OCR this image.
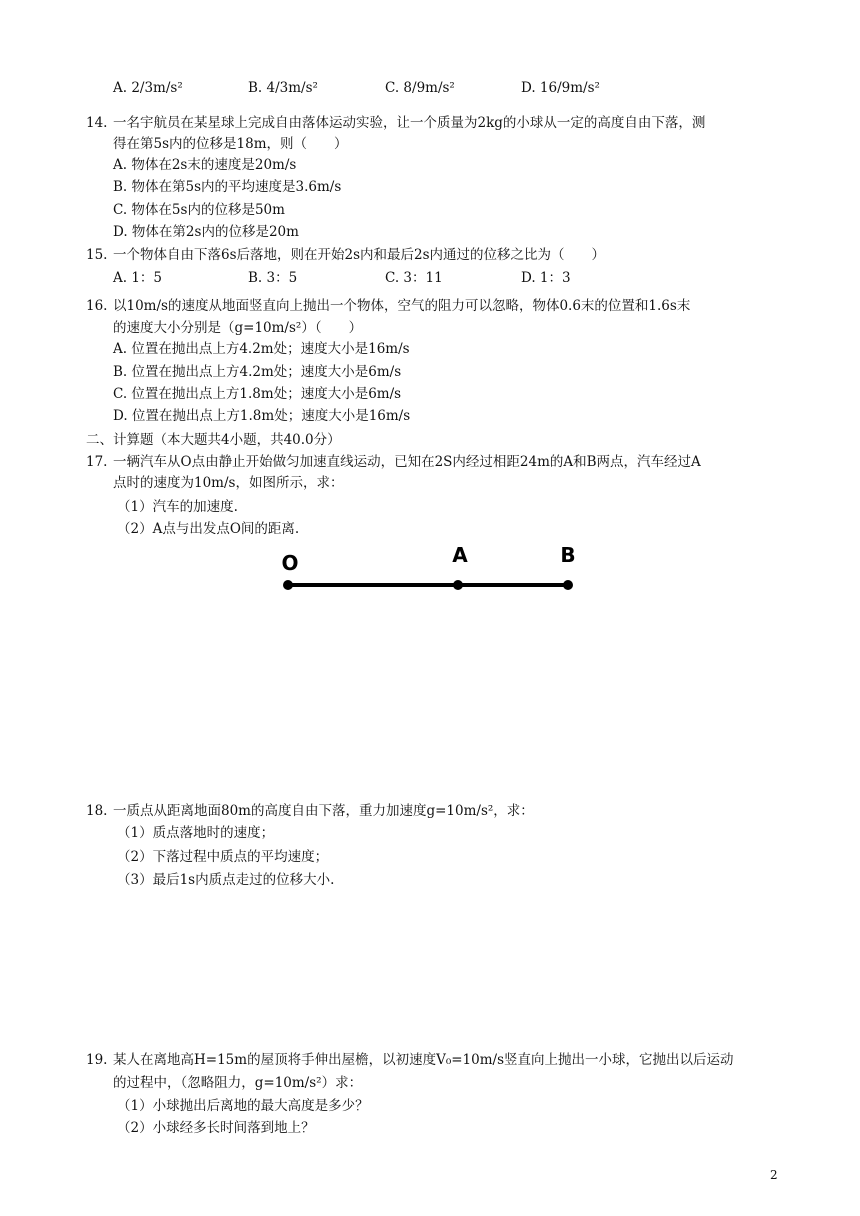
A. 2/3m/s²	B. 4/3m/s²	C. 8/9m/s²	D. 16/9m/s²
14. 一名宇航员在某星球上完成自由落体运动实验，让一个质量为2kg的小球从一定的高度自由下落，测
得在第5s内的位移是18m，则（　　）
A. 物体在2s末的速度是20m/s
B. 物体在第5s内的平均速度是3.6m/s
C. 物体在5s内的位移是50m
D. 物体在第2s内的位移是20m
15. 一个物体自由下落6s后落地，则在开始2s内和最后2s内通过的位移之比为（　　）
A. 1：5	B. 3：5	C. 3：11	D. 1：3
16. 以10m/s的速度从地面竖直向上抛出一个物体，空气的阻力可以忽略，物体0.6末的位置和1.6s末
的速度大小分别是（g=10m/s²）（　　）
A. 位置在抛出点上方4.2m处；速度大小是16m/s
B. 位置在抛出点上方4.2m处；速度大小是6m/s
C. 位置在抛出点上方1.8m处；速度大小是6m/s
D. 位置在抛出点上方1.8m处；速度大小是16m/s
二、计算题（本大题共4小题，共40.0分）
17. 一辆汽车从O点由静止开始做匀加速直线运动，已知在2S内经过相距24m的A和B两点，汽车经过A
点时的速度为10m/s，如图所示，求：
（1）汽车的加速度.
（2）A点与出发点O间的距离.
O	A	B
18. 一质点从距离地面80m的高度自由下落，重力加速度g=10m/s²，求：
（1）质点落地时的速度；
（2）下落过程中质点的平均速度；
（3）最后1s内质点走过的位移大小.
19. 某人在离地高H=15m的屋顶将手伸出屋檐，以初速度V₀=10m/s竖直向上抛出一小球，它抛出以后运动
的过程中，（忽略阻力，g=10m/s²）求：
（1）小球抛出后离地的最大高度是多少？
（2）小球经多长时间落到地上？
2
